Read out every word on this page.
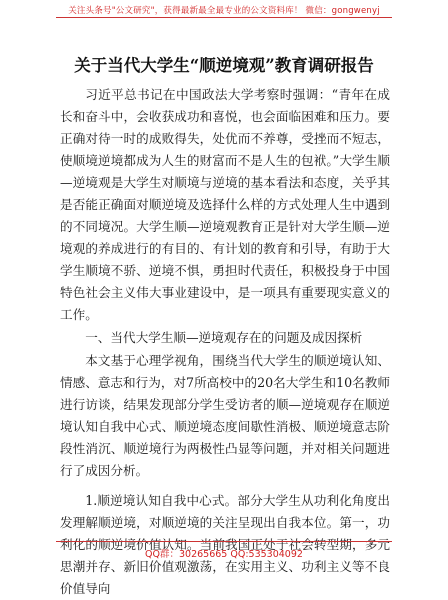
关注头条号"公文研究"，获得最新最全最专业的公文资料库！ 微信：gongwenyj
关于当代大学生“顺逆境观”教育调研报告

习近平总书记在中国政法大学考察时强调：“青年在成长和奋斗中，会收获成功和喜悦，也会面临困难和压力。要正确对待一时的成败得失，处优而不养尊，受挫而不短志，使顺境逆境都成为人生的财富而不是人生的包袱。”大学生顺—逆境观是大学生对顺境与逆境的基本看法和态度，关乎其是否能正确面对顺逆境及选择什么样的方式处理人生中遇到的不同境况。大学生顺—逆境观教育正是针对大学生顺—逆境观的养成进行的有目的、有计划的教育和引导，有助于大学生顺境不骄、逆境不惧，勇担时代责任，积极投身于中国特色社会主义伟大事业建设中，是一项具有重要现实意义的工作。

一、当代大学生顺—逆境观存在的问题及成因探析

本文基于心理学视角，围绕当代大学生的顺逆境认知、情感、意志和行为，对7所高校中的20名大学生和10名教师进行访谈，结果发现部分学生受访者的顺—逆境观存在顺逆境认知自我中心式、顺逆境态度间歇性消极、顺逆境意志阶段性消沉、顺逆境行为两极性凸显等问题，并对相关问题进行了成因分析。

1.顺逆境认知自我中心式。部分大学生从功利化角度出发理解顺逆境，对顺逆境的关注呈现出自我本位。第一，功利化的顺逆境价值认知。当前我国正处于社会转型期，多元思潮并存、新旧价值观激荡，在实用主义、功利主义等不良价值导向

QQ群：30265665 QQ:535304092
